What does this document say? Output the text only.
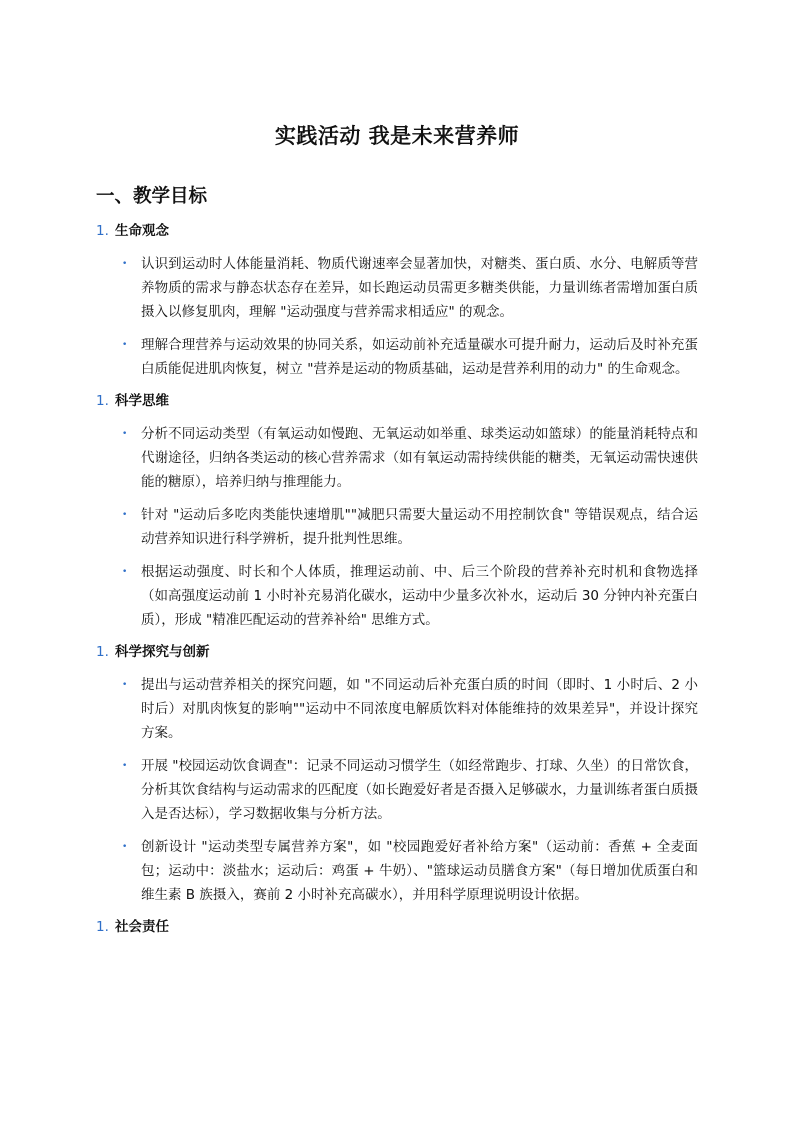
实践活动 我是未来营养师
一、教学目标
1. 生命观念
• 认识到运动时人体能量消耗、物质代谢速率会显著加快，对糖类、蛋白质、水分、电解质等营养物质的需求与静态状态存在差异，如长跑运动员需更多糖类供能，力量训练者需增加蛋白质摄入以修复肌肉，理解 "运动强度与营养需求相适应" 的观念。
• 理解合理营养与运动效果的协同关系，如运动前补充适量碳水可提升耐力，运动后及时补充蛋白质能促进肌肉恢复，树立 "营养是运动的物质基础，运动是营养利用的动力" 的生命观念。
1. 科学思维
• 分析不同运动类型（有氧运动如慢跑、无氧运动如举重、球类运动如篮球）的能量消耗特点和代谢途径，归纳各类运动的核心营养需求（如有氧运动需持续供能的糖类，无氧运动需快速供能的糖原），培养归纳与推理能力。
• 针对 "运动后多吃肉类能快速增肌""减肥只需要大量运动不用控制饮食" 等错误观点，结合运动营养知识进行科学辨析，提升批判性思维。
• 根据运动强度、时长和个人体质，推理运动前、中、后三个阶段的营养补充时机和食物选择（如高强度运动前 1 小时补充易消化碳水，运动中少量多次补水，运动后 30 分钟内补充蛋白质），形成 "精准匹配运动的营养补给" 思维方式。
1. 科学探究与创新
• 提出与运动营养相关的探究问题，如 "不同运动后补充蛋白质的时间（即时、1 小时后、2 小时后）对肌肉恢复的影响""运动中不同浓度电解质饮料对体能维持的效果差异"，并设计探究方案。
• 开展 "校园运动饮食调查"：记录不同运动习惯学生（如经常跑步、打球、久坐）的日常饮食，分析其饮食结构与运动需求的匹配度（如长跑爱好者是否摄入足够碳水，力量训练者蛋白质摄入是否达标），学习数据收集与分析方法。
• 创新设计 "运动类型专属营养方案"，如 "校园跑爱好者补给方案"（运动前：香蕉 + 全麦面包；运动中：淡盐水；运动后：鸡蛋 + 牛奶）、"篮球运动员膳食方案"（每日增加优质蛋白和维生素 B 族摄入，赛前 2 小时补充高碳水），并用科学原理说明设计依据。
1. 社会责任
